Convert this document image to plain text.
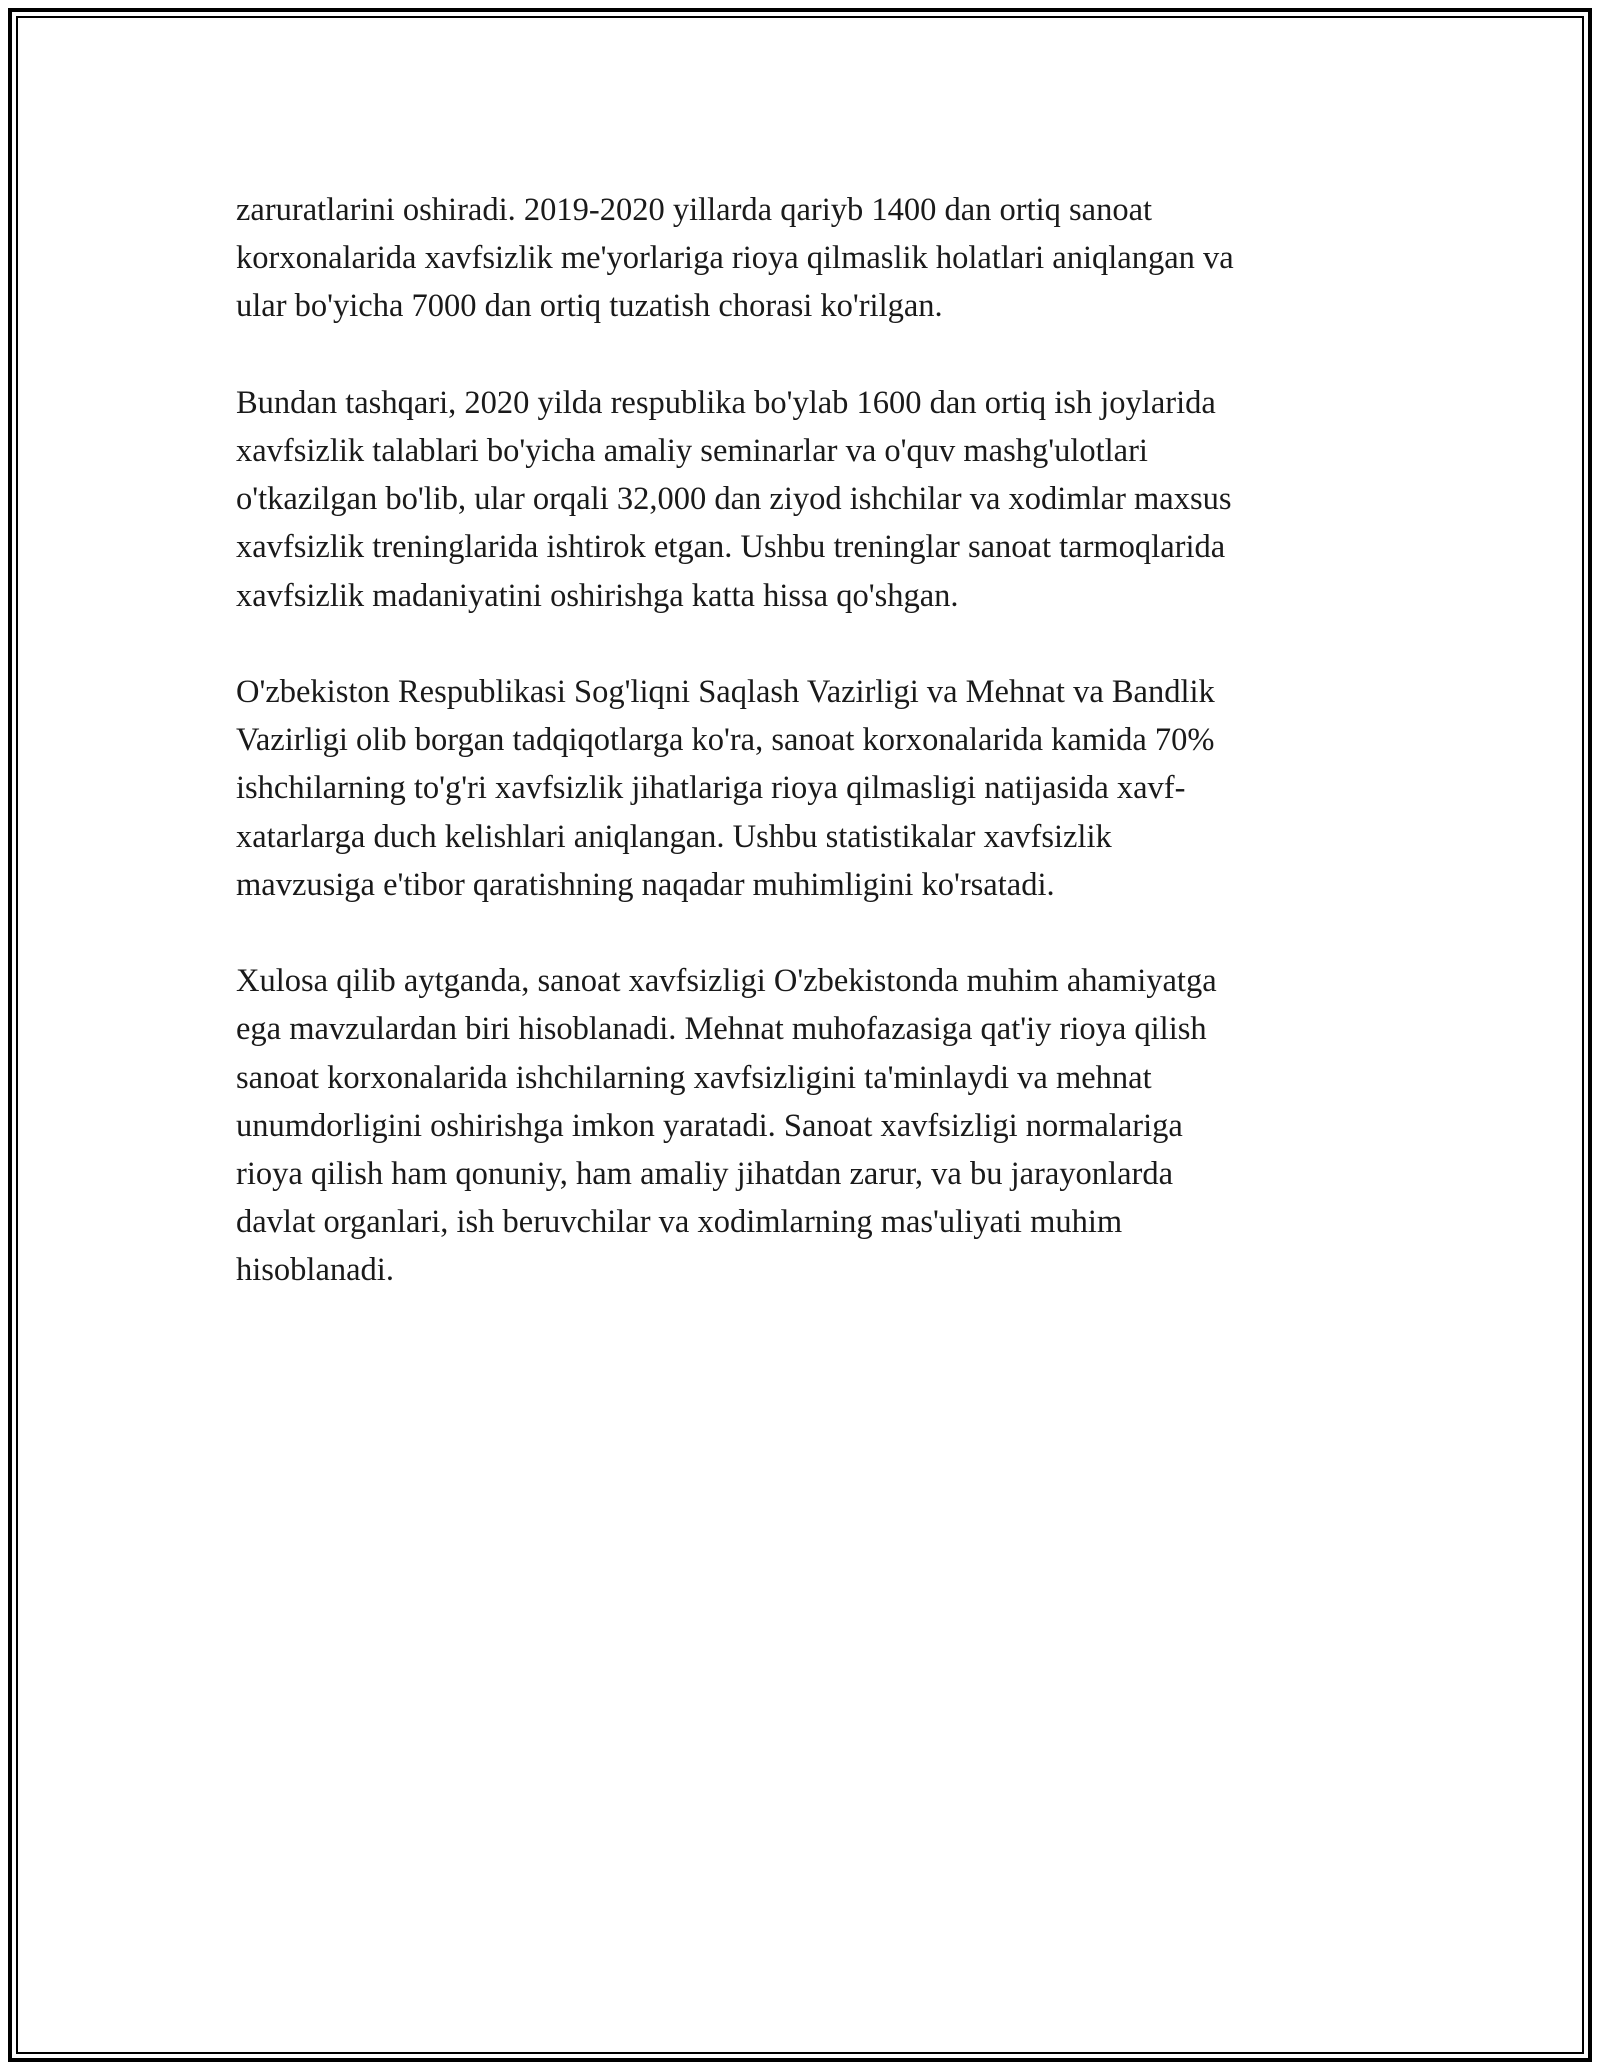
zaruratlarini oshiradi. 2019-2020 yillarda qariyb 1400 dan ortiq sanoat
korxonalarida xavfsizlik me'yorlariga rioya qilmaslik holatlari aniqlangan va
ular bo'yicha 7000 dan ortiq tuzatish chorasi ko'rilgan.

Bundan tashqari, 2020 yilda respublika bo'ylab 1600 dan ortiq ish joylarida
xavfsizlik talablari bo'yicha amaliy seminarlar va o'quv mashg'ulotlari
o'tkazilgan bo'lib, ular orqali 32,000 dan ziyod ishchilar va xodimlar maxsus
xavfsizlik treninglarida ishtirok etgan. Ushbu treninglar sanoat tarmoqlarida
xavfsizlik madaniyatini oshirishga katta hissa qo'shgan.

O'zbekiston Respublikasi Sog'liqni Saqlash Vazirligi va Mehnat va Bandlik
Vazirligi olib borgan tadqiqotlarga ko'ra, sanoat korxonalarida kamida 70%
ishchilarning to'g'ri xavfsizlik jihatlariga rioya qilmasligi natijasida xavf-
xatarlarga duch kelishlari aniqlangan. Ushbu statistikalar xavfsizlik
mavzusiga e'tibor qaratishning naqadar muhimligini ko'rsatadi.

Xulosa qilib aytganda, sanoat xavfsizligi O'zbekistonda muhim ahamiyatga
ega mavzulardan biri hisoblanadi. Mehnat muhofazasiga qat'iy rioya qilish
sanoat korxonalarida ishchilarning xavfsizligini ta'minlaydi va mehnat
unumdorligini oshirishga imkon yaratadi. Sanoat xavfsizligi normalariga
rioya qilish ham qonuniy, ham amaliy jihatdan zarur, va bu jarayonlarda
davlat organlari, ish beruvchilar va xodimlarning mas'uliyati muhim
hisoblanadi.
